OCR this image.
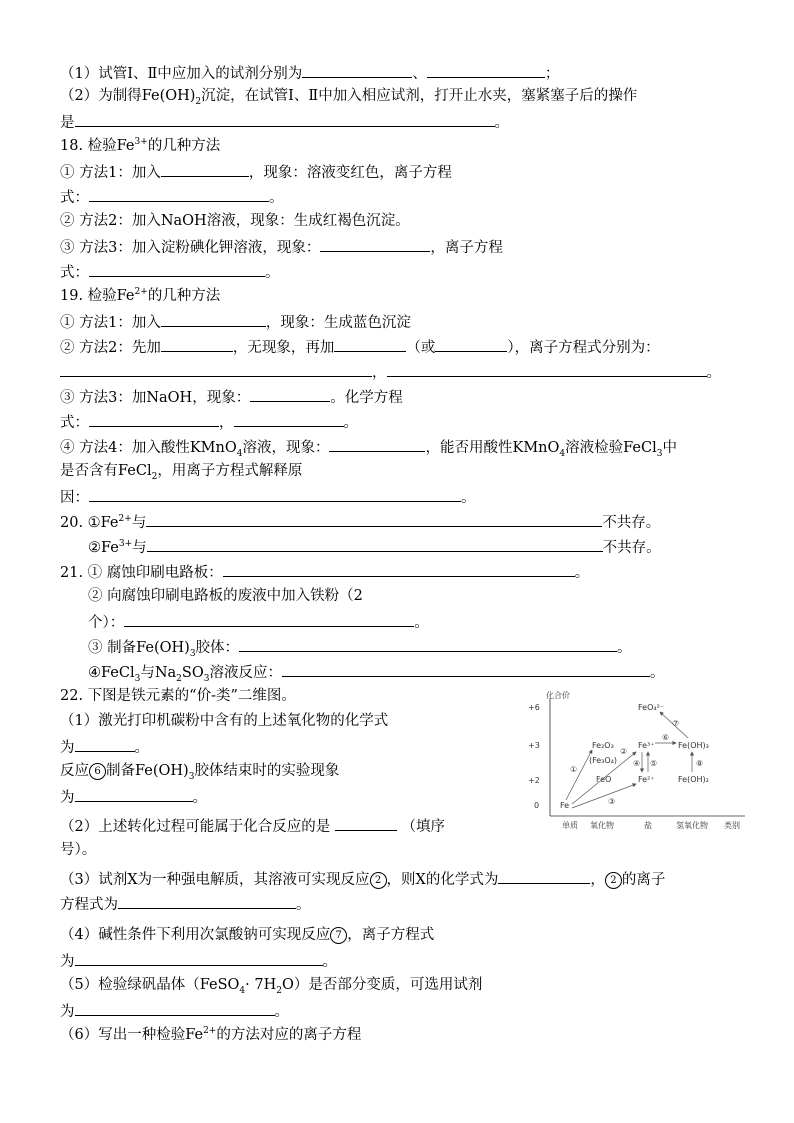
（1）试管Ⅰ、Ⅱ中应加入的试剂分别为	、	；
（2）为制得$Fe(OH)_2$沉淀，在试管Ⅰ、Ⅱ中加入相应试剂，打开止水夹，塞紧塞子后的操作
是	。
18. 检验$Fe^{3+}$的几种方法
① 方法1：加入	，现象：溶液变红色，离子方程
式：	。
② 方法2：加入NaOH溶液，现象：生成红褐色沉淀。
③ 方法3：加入淀粉碘化钾溶液，现象：	，离子方程
式：	。
19. 检验$Fe^{2+}$的几种方法
① 方法1：加入	，现象：生成蓝色沉淀
② 方法2：先加	，无现象，再加	（或	），离子方程式分别为：
，	。
③ 方法3：加NaOH，现象：	。化学方程
式：	，	。
④ 方法4：加入酸性KMnO$_4$溶液，现象：	，能否用酸性KMnO$_4$溶液检验FeCl$_3$中
是否含有FeCl$_2$，用离子方程式解释原
因：	。
20. $①Fe^{2+}$与	不共存。
$②Fe^{3+}$与	不共存。
21. ① 腐蚀印刷电路板：	。
② 向腐蚀印刷电路板的废液中加入铁粉（2
个）：	。
③ 制备$Fe(OH)_3$胶体：	。
④FeCl$_3$与$Na_2SO_3$溶液反应：	。
22. 下图是铁元素的“价-类”二维图。
（1）激光打印机碳粉中含有的上述氧化物的化学式
为	。
反应 6 制备$Fe(OH)_3$胶体结束时的实验现象
为	。
（2）上述转化过程可能属于化合反应的是	（填序
号）。
（3）试剂X为一种强电解质，其溶液可实现反应 2 ，则X的化学式为	， 2 的离子
方程式为	。
（4）碱性条件下利用次氯酸钠可实现反应 7 ，离子方程式
为	。
（5）检验绿矾晶体（FeSO$_4$· $7H_2O$）是否部分变质，可选用试剂
为	。
（6）写出一种检验$Fe^{2+}$的方法对应的离子方程
化合价
+6
+3
+2
0
单质 氧化物	盐	氢氧化物 类别
Fe
Fe₂O₃
(Fe₃O₄)
FeO
Fe³⁺
Fe²⁺
FeO₄²⁻
Fe(OH)₃
Fe(OH)₂
①
②
③
④ ⑤
⑥
⑦
⑧
